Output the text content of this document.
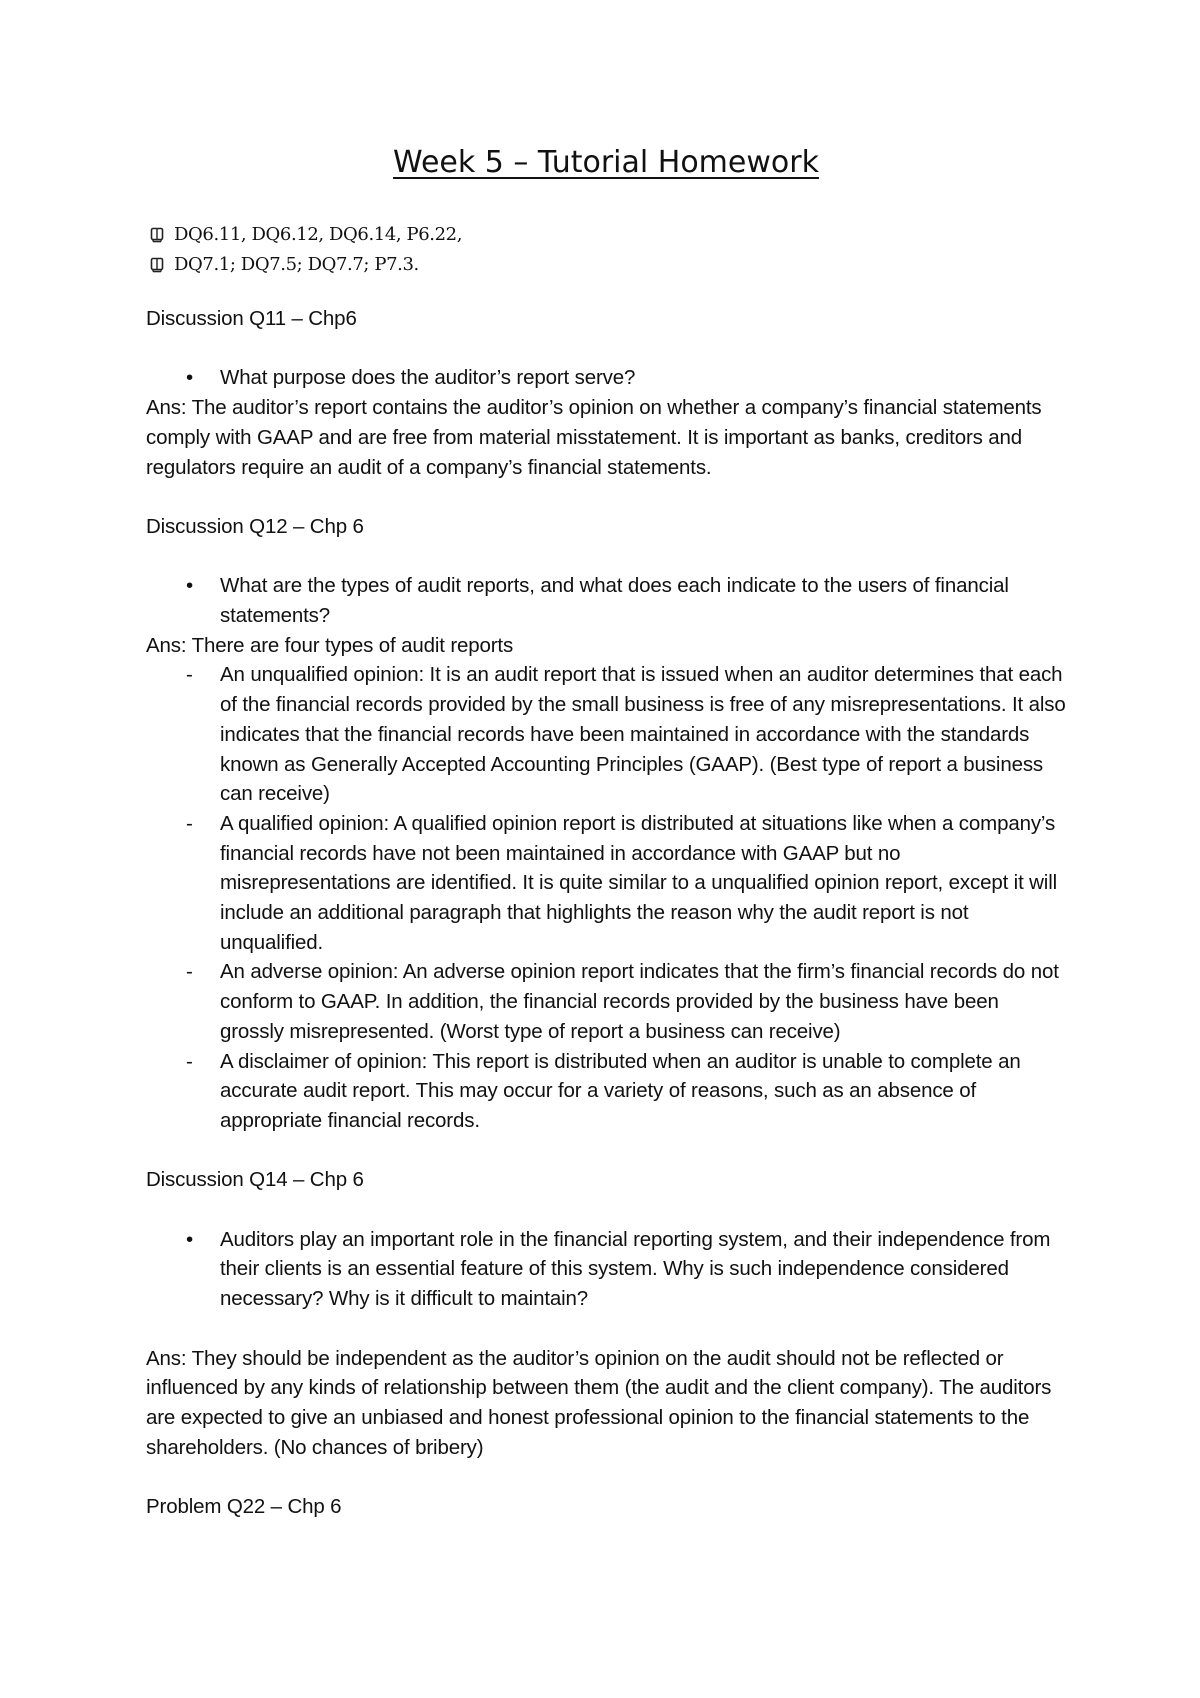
Week 5 – Tutorial Homework
DQ6.11, DQ6.12, DQ6.14, P6.22,
DQ7.1; DQ7.5; DQ7.7; P7.3.

Discussion Q11 – Chp6

• What purpose does the auditor’s report serve?

Ans: The auditor’s report contains the auditor’s opinion on whether a company’s financial statements comply with GAAP and are free from material misstatement. It is important as banks, creditors and regulators require an audit of a company’s financial statements.

Discussion Q12 – Chp 6

• What are the types of audit reports, and what does each indicate to the users of financial statements?

Ans: There are four types of audit reports

- An unqualified opinion: It is an audit report that is issued when an auditor determines that each of the financial records provided by the small business is free of any misrepresentations. It also indicates that the financial records have been maintained in accordance with the standards known as Generally Accepted Accounting Principles (GAAP). (Best type of report a business can receive)

- A qualified opinion: A qualified opinion report is distributed at situations like when a company’s financial records have not been maintained in accordance with GAAP but no misrepresentations are identified. It is quite similar to a unqualified opinion report, except it will include an additional paragraph that highlights the reason why the audit report is not unqualified.

- An adverse opinion: An adverse opinion report indicates that the firm’s financial records do not conform to GAAP. In addition, the financial records provided by the business have been grossly misrepresented. (Worst type of report a business can receive)

- A disclaimer of opinion: This report is distributed when an auditor is unable to complete an accurate audit report. This may occur for a variety of reasons, such as an absence of appropriate financial records.

Discussion Q14 – Chp 6

• Auditors play an important role in the financial reporting system, and their independence from their clients is an essential feature of this system. Why is such independence considered necessary? Why is it difficult to maintain?

Ans: They should be independent as the auditor’s opinion on the audit should not be reflected or influenced by any kinds of relationship between them (the audit and the client company). The auditors are expected to give an unbiased and honest professional opinion to the financial statements to the shareholders. (No chances of bribery)

Problem Q22 – Chp 6
